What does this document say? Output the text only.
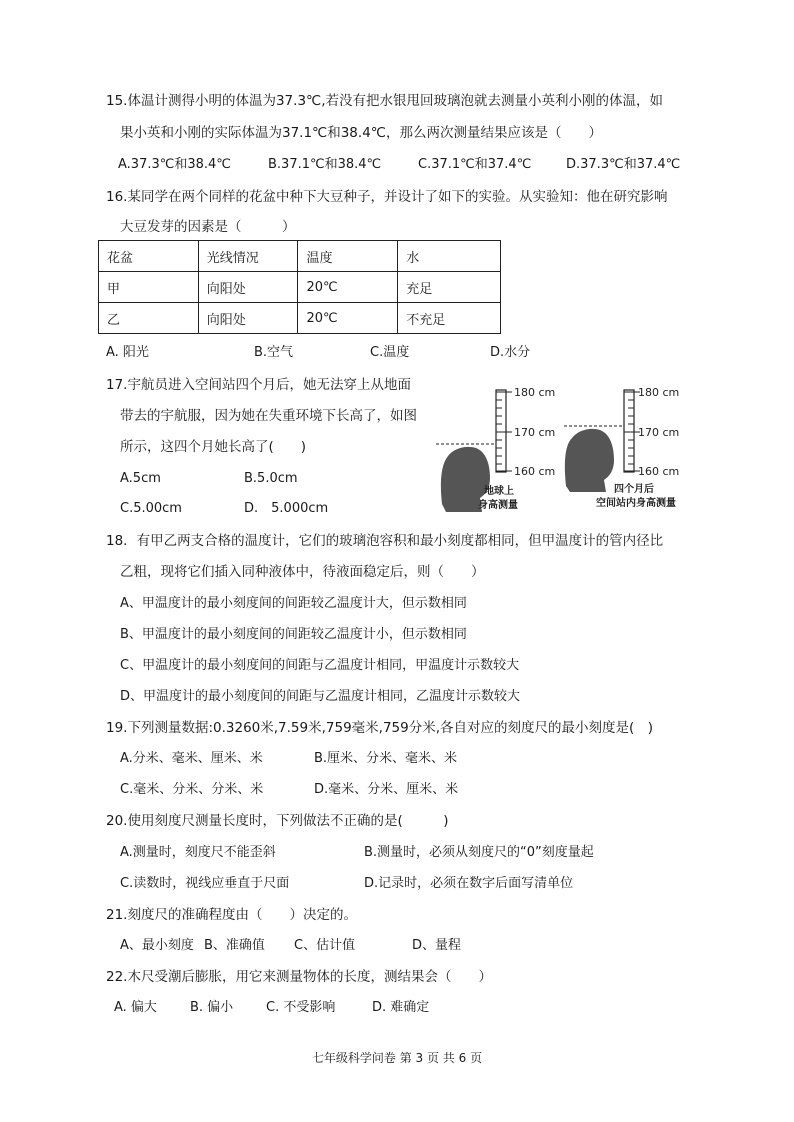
15.体温计测得小明的体温为37.3℃,若没有把水银甩回玻璃泡就去测量小英利小刚的体温，如
果小英和小刚的实际体温为37.1℃和38.4℃，那么两次测量结果应该是（　　）
A.37.3℃和38.4℃	B.37.1℃和38.4℃	C.37.1℃和37.4℃	D.37.3℃和37.4℃
16.某同学在两个同样的花盆中种下大豆种子，并设计了如下的实验。从实验知：他在研究影响
大豆发芽的因素是（　　　）
花盆	光线情况	温度	水
甲	向阳处	20℃	充足
乙	向阳处	20℃	不充足
A. 阳光	B.空气	C.温度	D.水分
17.宇航员进入空间站四个月后，她无法穿上从地面
带去的宇航服，因为她在失重环境下长高了，如图
所示，这四个月她长高了(　　)
A.5cm	B.5.0cm
C.5.00cm	D.　5.000cm
180 cm
170 cm
160 cm
地球上
身高测量
180 cm
170 cm
160 cm
四个月后
空间站内身高测量
18．有甲乙两支合格的温度计，它们的玻璃泡容积和最小刻度都相同，但甲温度计的管内径比
乙粗，现将它们插入同种液体中，待液面稳定后，则（　　）
A、甲温度计的最小刻度间的间距较乙温度计大，但示数相同
B、甲温度计的最小刻度间的间距较乙温度计小，但示数相同
C、甲温度计的最小刻度间的间距与乙温度计相同，甲温度计示数较大
D、甲温度计的最小刻度间的间距与乙温度计相同，乙温度计示数较大
19.下列测量数据:0.3260米,7.59米,759毫米,759分米,各自对应的刻度尺的最小刻度是(　)
A.分米、毫米、厘米、米	B.厘米、分米、毫米、米
C.毫米、分米、分米、米	D.毫米、分米、厘米、米
20.使用刻度尺测量长度时，下列做法不正确的是(　　　)
A.测量时，刻度尺不能歪斜	B.测量时，必须从刻度尺的“0”刻度量起
C.读数时，视线应垂直于尺面	D.记录时，必须在数字后面写清单位
21.刻度尺的准确程度由（　　）决定的。
A、最小刻度 B、准确值 C、估计值	D、量程
22.木尺受潮后膨胀，用它来测量物体的长度，测结果会（　　）
A. 偏大	B. 偏小	C. 不受影响	D. 难确定
七年级科学问卷 第 3 页 共 6 页
